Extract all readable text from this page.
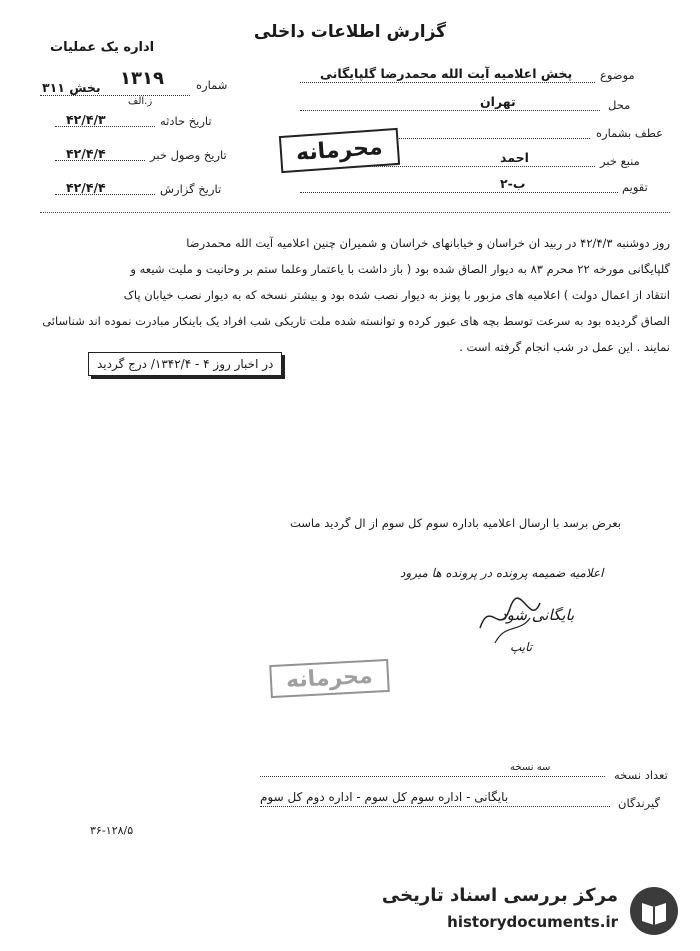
گزارش اطلاعات داخلی
اداره یک عملیات
شماره
۱۳۱۹
بخش ۳۱۱
ز.الف
تاریخ حادثه
۴۲/۴/۳
تاریخ وصول خبر
۴۲/۴/۴
تاریخ گزارش
۴۲/۴/۴
موضوع
پخش اعلامیه آیت الله محمدرضا گلپایگانی
محل
تهران
عطف بشماره
منبع خبر
احمد
تقویم
ب-۲
محرمانه
روز دوشنبه ۴۲/۴/۳ در ربید ان خراسان و خیابانهای خراسان و شمیران چنین اعلامیه آیت الله محمدرضا
گلپایگانی مورخه ۲۲ محرم ۸۳ به دیوار الصاق شده بود ( باز داشت با یاعتمار وعلما ستم بر وحانیت و ملیت شیعه و
انتقاد از اعمال دولت ) اعلامیه های مزبور با پونز به دیوار نصب شده بود و بیشتر نسخه که به دیوار نصب خیابان پاک
الصاق گردیده بود به سرعت توسط بچه های عبور کرده و توانسته شده ملت تاریکی شب افراد یک باینکار مبادرت نموده اند شناسائی
نمایند . این عمل در شب انجام گرفته است .
در اخبار روز ۴ - ۱۳۴۲/۴/ درج گردید
بعرض برسد با ارسال اعلامیه باداره سوم کل سوم از ال گردید ماست
اعلامیه ضمیمه پرونده در پرونده ها میرود
بایگانی شود
تایپ
محرمانه
تعداد نسخه
سه نسخه
گیرندگان
بایگانی - اداره سوم کل سوم - اداره دوم کل سوم
۳۶-۱۲۸/۵
مرکز بررسی اسناد تاریخی
historydocuments.ir
